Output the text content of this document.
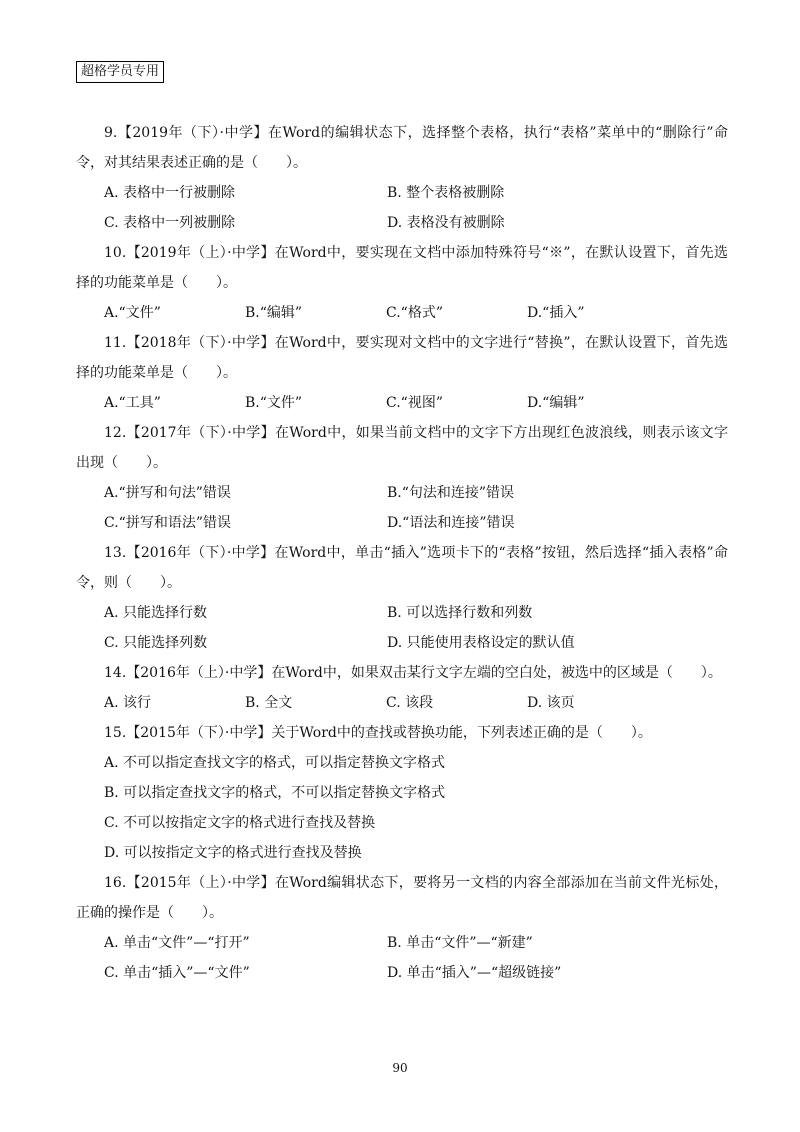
超格学员专用

9.【2019年（下）·中学】在Word的编辑状态下，选择整个表格，执行“表格”菜单中的“删除行”命令，对其结果表述正确的是（　　）。

A. 表格中一行被删除	B. 整个表格被删除
C. 表格中一列被删除	D. 表格没有被删除

10.【2019年（上）·中学】在Word中，要实现在文档中添加特殊符号“※”，在默认设置下，首先选择的功能菜单是（　　）。

A.“文件”	B.“编辑”	C.“格式”	D.“插入”

11.【2018年（下）·中学】在Word中，要实现对文档中的文字进行“替换”，在默认设置下，首先选择的功能菜单是（　　）。

A.“工具”	B.“文件”	C.“视图”	D.“编辑”

12.【2017年（下）·中学】在Word中，如果当前文档中的文字下方出现红色波浪线，则表示该文字出现（　　）。

A.“拼写和句法”错误	B.“句法和连接”错误
C.“拼写和语法”错误	D.“语法和连接”错误

13.【2016年（下）·中学】在Word中，单击“插入”选项卡下的“表格”按钮，然后选择“插入表格”命令，则（　　）。

A. 只能选择行数	B. 可以选择行数和列数
C. 只能选择列数	D. 只能使用表格设定的默认值

14.【2016年（上）·中学】在Word中，如果双击某行文字左端的空白处，被选中的区域是（　　）。

A. 该行	B. 全文	C. 该段	D. 该页

15.【2015年（下）·中学】关于Word中的查找或替换功能，下列表述正确的是（　　）。

A. 不可以指定查找文字的格式，可以指定替换文字格式
B. 可以指定查找文字的格式，不可以指定替换文字格式
C. 不可以按指定文字的格式进行查找及替换
D. 可以按指定文字的格式进行查找及替换

16.【2015年（上）·中学】在Word编辑状态下，要将另一文档的内容全部添加在当前文件光标处，正确的操作是（　　）。

A. 单击“文件”—“打开”	B. 单击“文件”—“新建”
C. 单击“插入”—“文件”	D. 单击“插入”—“超级链接”
90
